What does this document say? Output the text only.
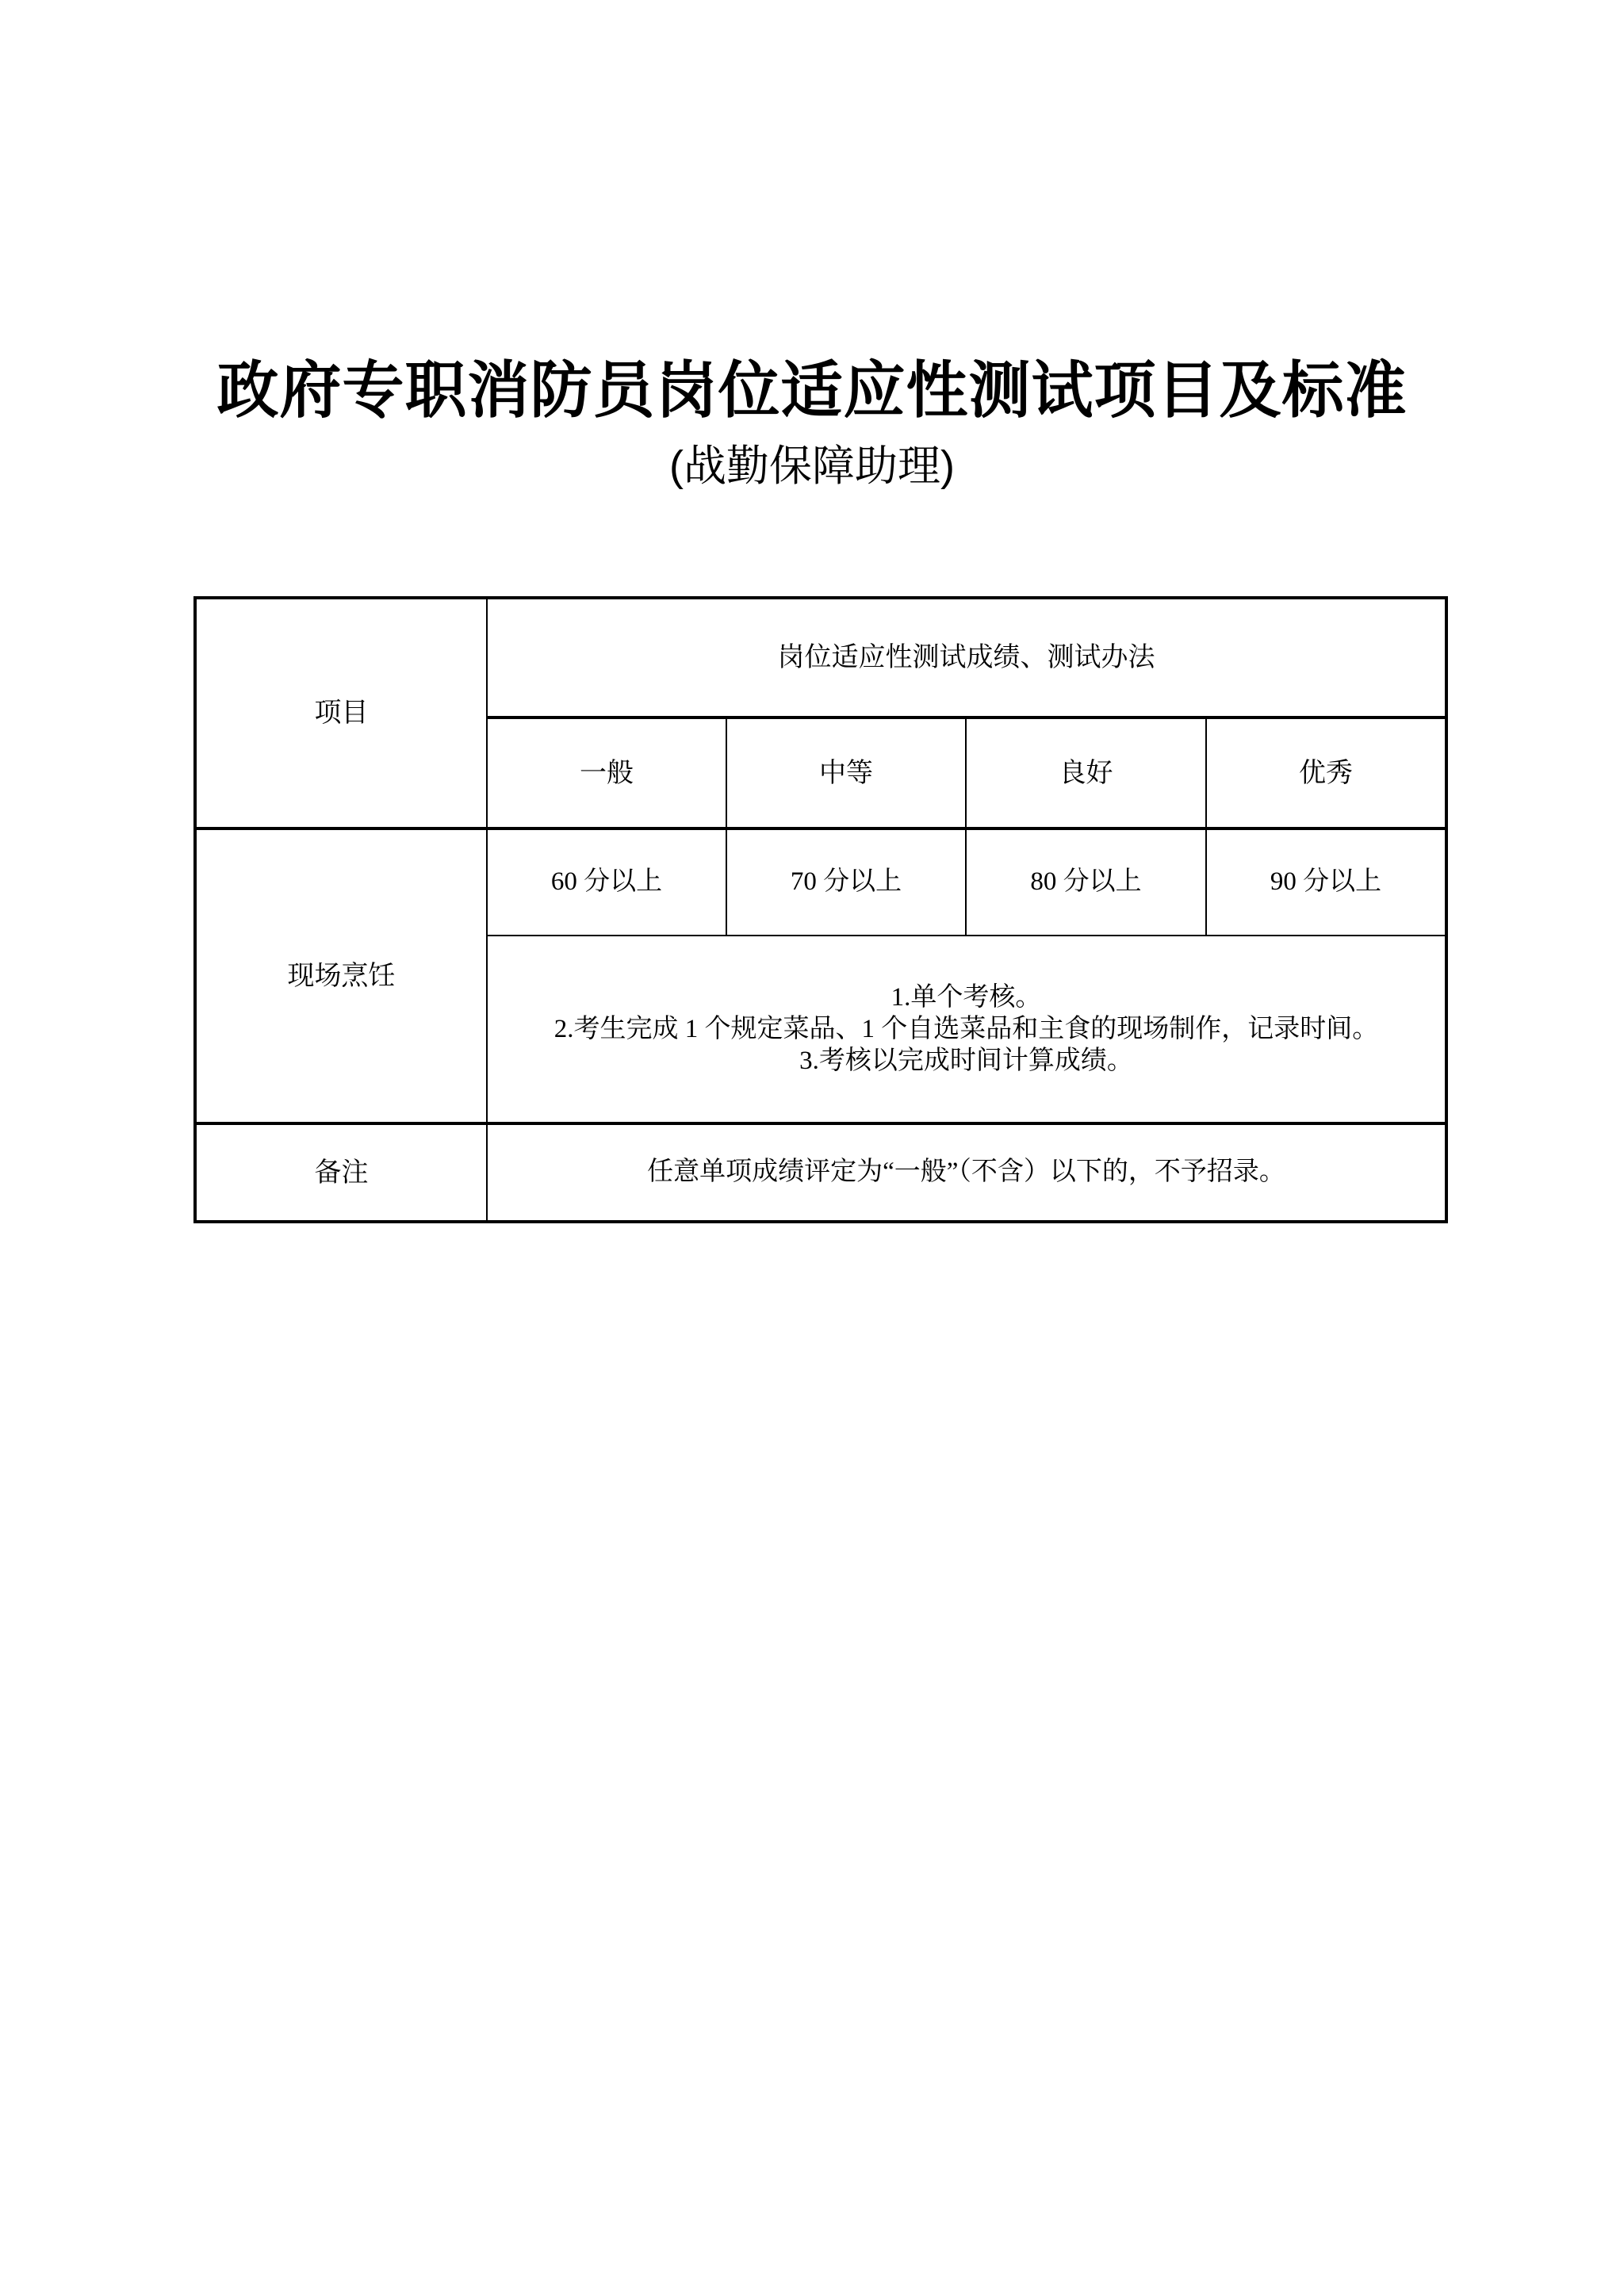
政府专职消防员岗位适应性测试项目及标准
(战勤保障助理)
项目	岗位适应性测试成绩、测试办法			
	一般	中等	良好	优秀
现场烹饪	60 分以上	70 分以上	80 分以上	90 分以上

	1.单个考核。
2.考生完成 1 个规定菜品、1 个自选菜品和主食的现场制作，记录时间。
3.考核以完成时间计算成绩。			

备注	任意单项成绩评定为“一般”（不含）以下的，不予招录。			
